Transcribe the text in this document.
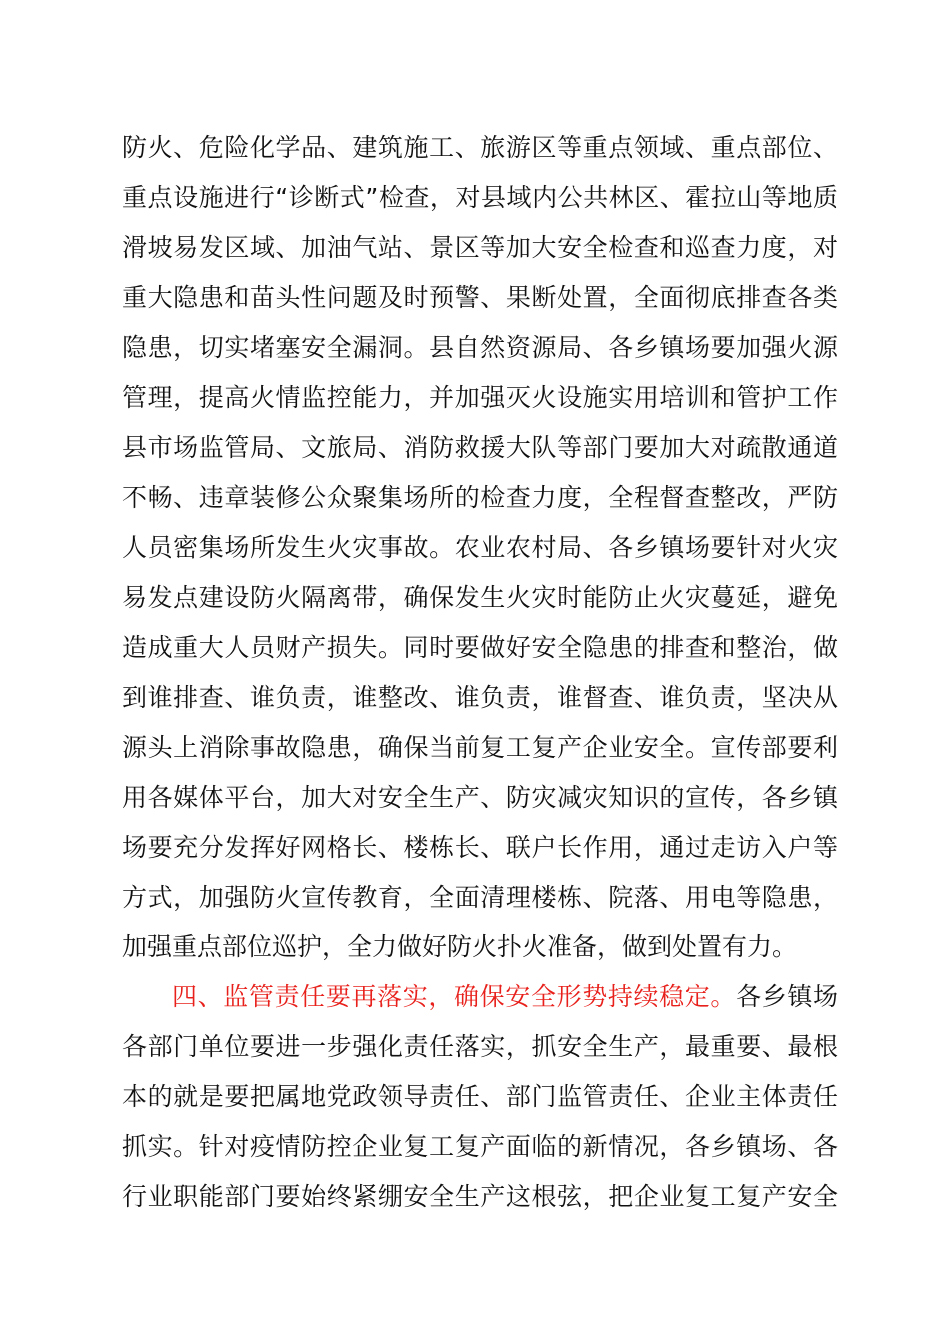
防火、危险化学品、建筑施工、旅游区等重点领域、重点部位、
重点设施进行“诊断式”检查，对县域内公共林区、霍拉山等地质
滑坡易发区域、加油气站、景区等加大安全检查和巡查力度，对
重大隐患和苗头性问题及时预警、果断处置，全面彻底排查各类
隐患，切实堵塞安全漏洞。县自然资源局、各乡镇场要加强火源
管理，提高火情监控能力，并加强灭火设施实用培训和管护工作
县市场监管局、文旅局、消防救援大队等部门要加大对疏散通道
不畅、违章装修公众聚集场所的检查力度，全程督查整改，严防
人员密集场所发生火灾事故。农业农村局、各乡镇场要针对火灾
易发点建设防火隔离带，确保发生火灾时能防止火灾蔓延，避免
造成重大人员财产损失。同时要做好安全隐患的排查和整治，做
到谁排查、谁负责，谁整改、谁负责，谁督查、谁负责，坚决从
源头上消除事故隐患，确保当前复工复产企业安全。宣传部要利
用各媒体平台，加大对安全生产、防灾减灾知识的宣传，各乡镇
场要充分发挥好网格长、楼栋长、联户长作用，通过走访入户等
方式，加强防火宣传教育，全面清理楼栋、院落、用电等隐患，
加强重点部位巡护，全力做好防火扑火准备，做到处置有力。
四、监管责任要再落实，确保安全形势持续稳定。各乡镇场
各部门单位要进一步强化责任落实，抓安全生产，最重要、最根
本的就是要把属地党政领导责任、部门监管责任、企业主体责任
抓实。针对疫情防控企业复工复产面临的新情况，各乡镇场、各
行业职能部门要始终紧绷安全生产这根弦，把企业复工复产安全
